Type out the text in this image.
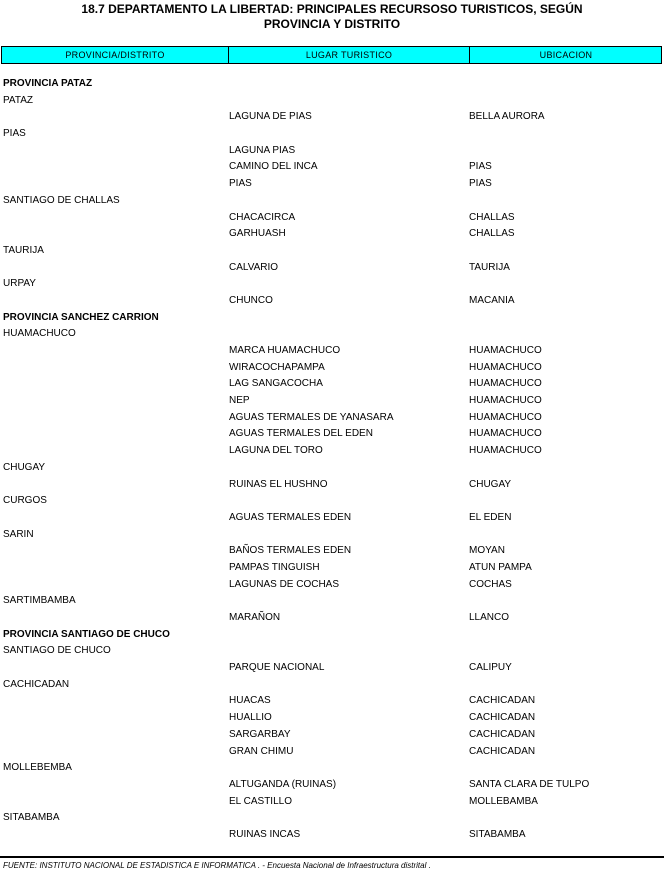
18.7 DEPARTAMENTO LA LIBERTAD: PRINCIPALES RECURSOSO TURISTICOS, SEGÚN
PROVINCIA Y DISTRITO
PROVINCIA/DISTRITO	LUGAR TURISTICO	UBICACION
PROVINCIA PATAZ
PATAZ
LAGUNA DE PIAS	BELLA AURORA
PIAS
LAGUNA PIAS
CAMINO DEL INCA	PIAS
PIAS	PIAS
SANTIAGO DE CHALLAS
CHACACIRCA	CHALLAS
GARHUASH	CHALLAS
TAURIJA
CALVARIO	TAURIJA
URPAY
CHUNCO	MACANIA
PROVINCIA SANCHEZ CARRION
HUAMACHUCO
MARCA HUAMACHUCO	HUAMACHUCO
WIRACOCHAPAMPA	HUAMACHUCO
LAG SANGACOCHA	HUAMACHUCO
NEP	HUAMACHUCO
AGUAS TERMALES DE YANASARA	HUAMACHUCO
AGUAS TERMALES DEL EDEN	HUAMACHUCO
LAGUNA DEL TORO	HUAMACHUCO
CHUGAY
RUINAS EL HUSHNO	CHUGAY
CURGOS
AGUAS TERMALES EDEN	EL EDEN
SARIN
BAÑOS TERMALES EDEN	MOYAN
PAMPAS TINGUISH	ATUN PAMPA
LAGUNAS DE COCHAS	COCHAS
SARTIMBAMBA
MARAÑON	LLANCO
PROVINCIA SANTIAGO DE CHUCO
SANTIAGO DE CHUCO
PARQUE NACIONAL	CALIPUY
CACHICADAN
HUACAS	CACHICADAN
HUALLIO	CACHICADAN
SARGARBAY	CACHICADAN
GRAN CHIMU	CACHICADAN
MOLLEBEMBA
ALTUGANDA (RUINAS)	SANTA CLARA DE TULPO
EL CASTILLO	MOLLEBAMBA
SITABAMBA
RUINAS INCAS	SITABAMBA
FUENTE: INSTITUTO NACIONAL DE ESTADISTICA E INFORMATICA . - Encuesta Nacional de Infraestructura distrital .
